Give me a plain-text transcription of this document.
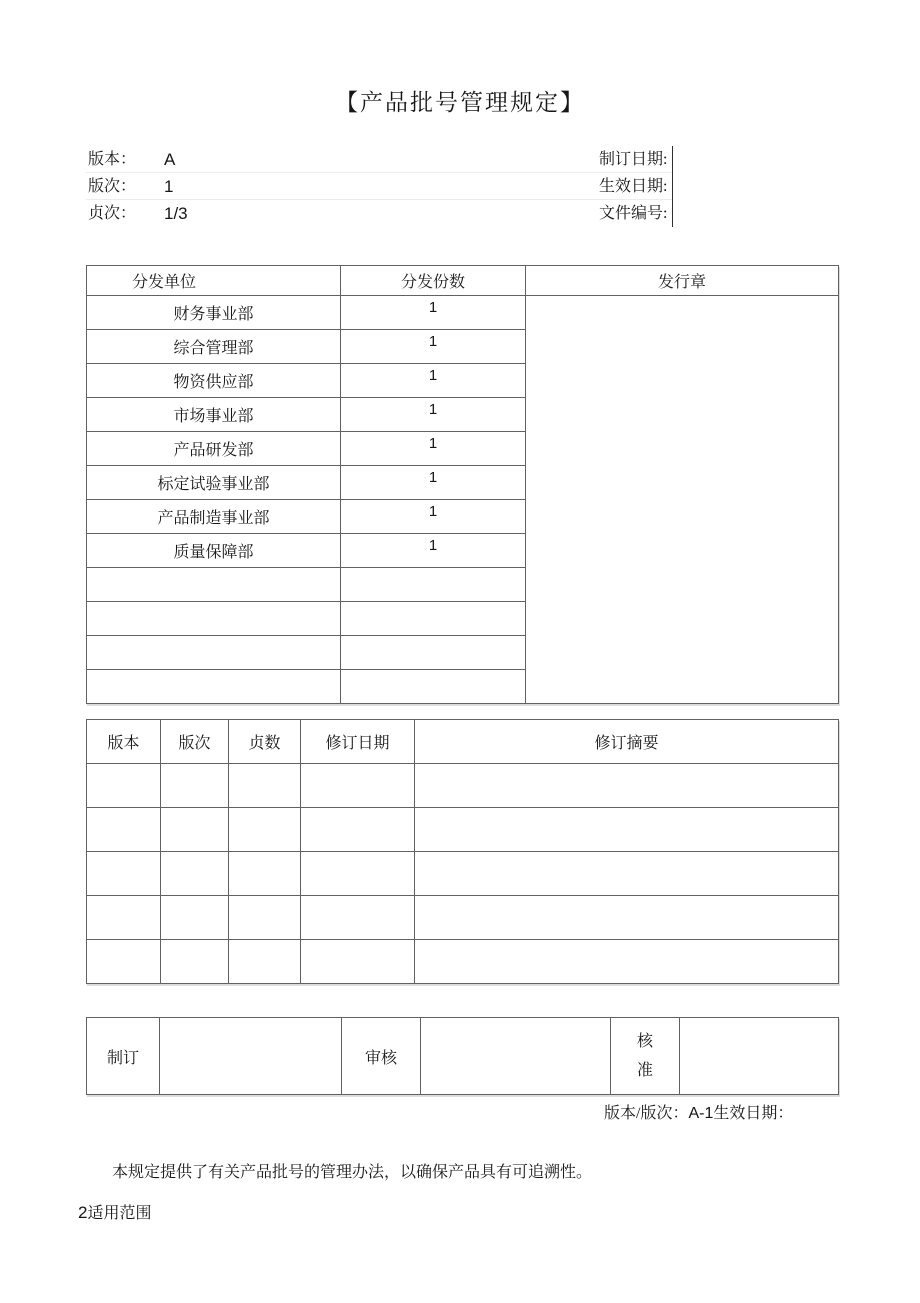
【产品批号管理规定】
版本：	A
版次：	1
贞次：	1/3
制订日期:
生效日期:
文件编号:
分发单位	分发份数	发行章
财务事业部	1	
综合管理部	1	
物资供应部	1	
市场事业部	1	
产品研发部	1	
标定试验事业部	1	
产品制造事业部	1	
质量保障部	1	

版本	版次	贞数	修订日期	修订摘要

制订		审核		核准	
版本/版次：A-1生效日期：

本规定提供了有关产品批号的管理办法，以确保产品具有可追溯性。

2适用范围
